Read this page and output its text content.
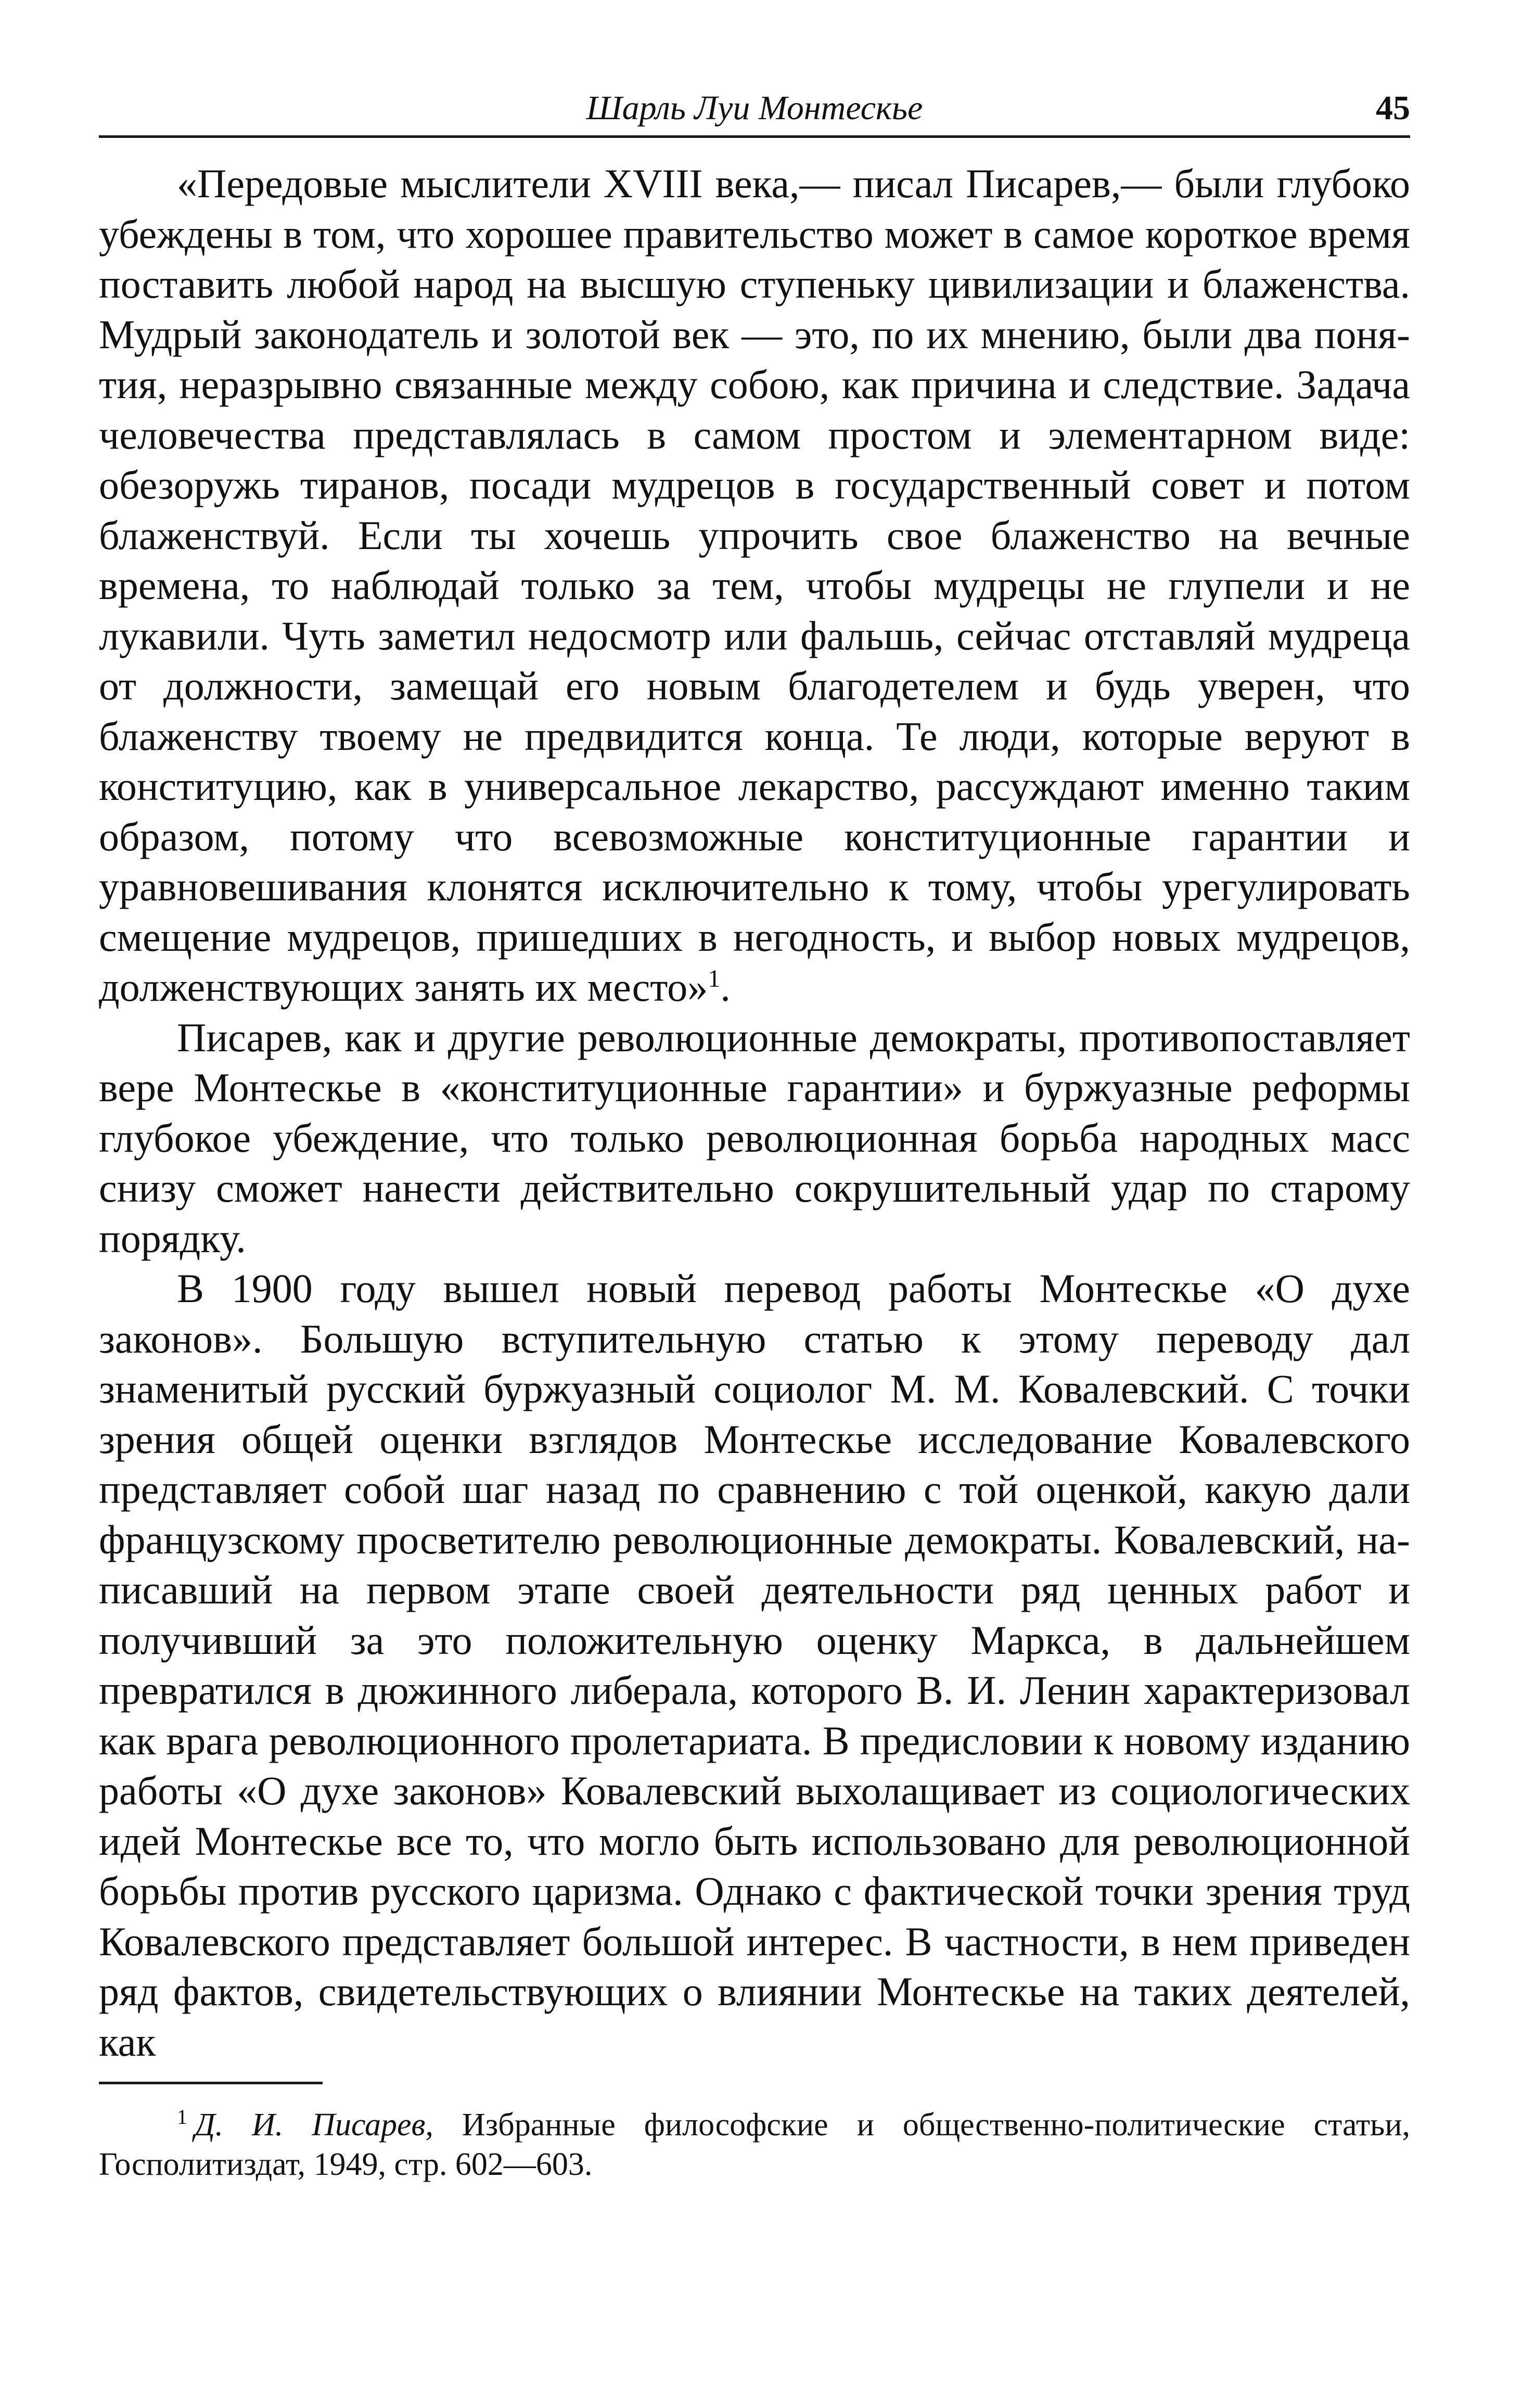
Шарль Луи Монтескье	45

«Передовые мыслители XVIII века,— писал Писарев,— были глубоко убеждены в том, что хорошее правительство может в самое короткое время поставить любой народ на высшую ступеньку цивилизации и блаженства. Мудрый законодатель и золотой век — это, по их мнению, были два понятия, неразрывно связанные между собою, как причина и следствие. Задача человечества представлялась в самом простом и элементарном виде: обезоружь тиранов, посади мудрецов в государственный совет и потом блаженствуй. Если ты хочешь упрочить свое блаженство на вечные времена, то наблюдай только за тем, чтобы мудрецы не глупели и не лукавили. Чуть заметил недосмотр или фальшь, сейчас отставляй мудреца от должности, замещай его новым благодетелем и будь уверен, что блаженству твоему не предвидится конца. Те люди, которые веруют в конституцию, как в универсальное лекарство, рассуждают именно таким образом, потому что всевозможные конституционные гарантии и уравновешивания клонятся исключительно к тому, чтобы урегулировать смещение мудрецов, пришедших в негодность, и выбор новых мудрецов, долженствующих занять их место»$^1$.

Писарев, как и другие революционные демократы, противопоставляет вере Монтескье в «конституционные гарантии» и буржуазные реформы глубокое убеждение, что только революционная борьба народных масс снизу сможет нанести действительно сокрушительный удар по старому порядку.

В 1900 году вышел новый перевод работы Монтескье «О духе законов». Большую вступительную статью к этому переводу дал знаменитый русский буржуазный социолог М. М. Ковалевский. С точки зрения общей оценки взглядов Монтескье исследование Ковалевского представляет собой шаг назад по сравнению с той оценкой, какую дали французскому просветителю революционные демократы. Ковалевский, написавший на первом этапе своей деятельности ряд ценных работ и получивший за это положительную оценку Маркса, в дальнейшем превратился в дюжинного либерала, которого В. И. Ленин характеризовал как врага революционного пролетариата. В предисловии к новому изданию работы «О духе законов» Ковалевский выхолащивает из социологических идей Монтескье все то, что могло быть использовано для революционной борьбы против русского царизма. Однако с фактической точки зрения труд Ковалевского представляет большой интерес. В частности, в нем приведен ряд фактов, свидетельствующих о влиянии Монтескье на таких деятелей, как

$^1$ Д. И. Писарев, Избранные философские и общественно-политические статьи, Госполитиздат, 1949, стр. 602—603.
